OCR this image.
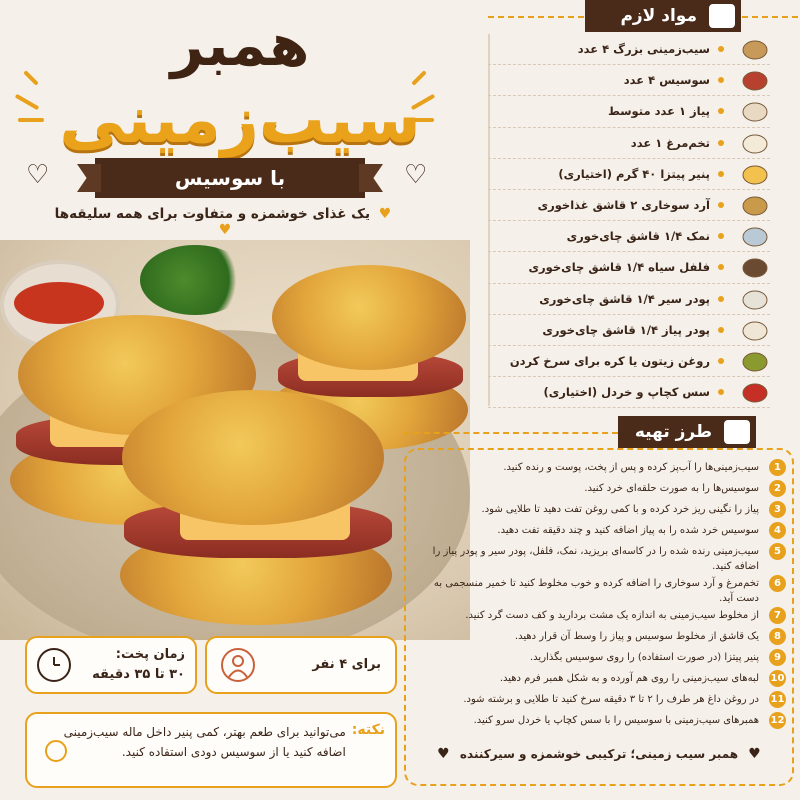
همبر
سیب‌زمینی
♡	♡
با سوسیس
♥ یک غذای خوشمزه و متفاوت برای همه سلیقه‌ها ♥
زمان پخت:
۳۰ تا ۳۵ دقیقه
برای ۴ نفر
نکته:
می‌توانید برای طعم بهتر، کمی پنیر داخل ماله سیب‌زمینی اضافه کنید یا از سوسیس دودی استفاده کنید.
مواد لازم
سیب‌زمینی بزرگ ۴ عدد
سوسیس ۴ عدد
پیاز ۱ عدد متوسط
تخم‌مرغ ۱ عدد
پنیر پیتزا ۴۰ گرم (اختیاری)
آرد سوخاری ۲ قاشق غذاخوری
نمک ۱/۴ قاشق چای‌خوری
فلفل سیاه ۱/۴ قاشق چای‌خوری
پودر سیر ۱/۴ قاشق چای‌خوری
پودر پیاز ۱/۴ قاشق چای‌خوری
روغن زیتون یا کره برای سرخ کردن
سس کچاپ و خردل (اختیاری)
طرز تهیه
1
سیب‌زمینی‌ها را آب‌پز کرده و پس از پخت، پوست و رنده کنید.
2
سوسیس‌ها را به صورت حلقه‌ای خرد کنید.
3
پیاز را نگینی ریز خرد کرده و با کمی روغن تفت دهید تا طلایی شود.
4
سوسیس خرد شده را به پیاز اضافه کنید و چند دقیقه تفت دهید.
5
سیب‌زمینی رنده شده را در کاسه‌ای بریزید، نمک، فلفل، پودر سیر و پودر پیاز را اضافه کنید.
6
تخم‌مرغ و آرد سوخاری را اضافه کرده و خوب مخلوط کنید تا خمیر منسجمی به دست آید.
7
از مخلوط سیب‌زمینی به اندازه یک مشت بردارید و کف دست گرد کنید.
8
یک قاشق از مخلوط سوسیس و پیاز را وسط آن قرار دهید.
9
پنیر پیتزا (در صورت استفاده) را روی سوسیس بگذارید.
10
لبه‌های سیب‌زمینی را روی هم آورده و به شکل همبر فرم دهید.
11
در روغن داغ هر طرف را ۲ تا ۳ دقیقه سرخ کنید تا طلایی و برشته شود.
12
همبرهای سیب‌زمینی با سوسیس را با سس کچاپ یا خردل سرو کنید.
♥ همبر سیب زمینی؛ ترکیبی خوشمزه و سیرکننده ♥
